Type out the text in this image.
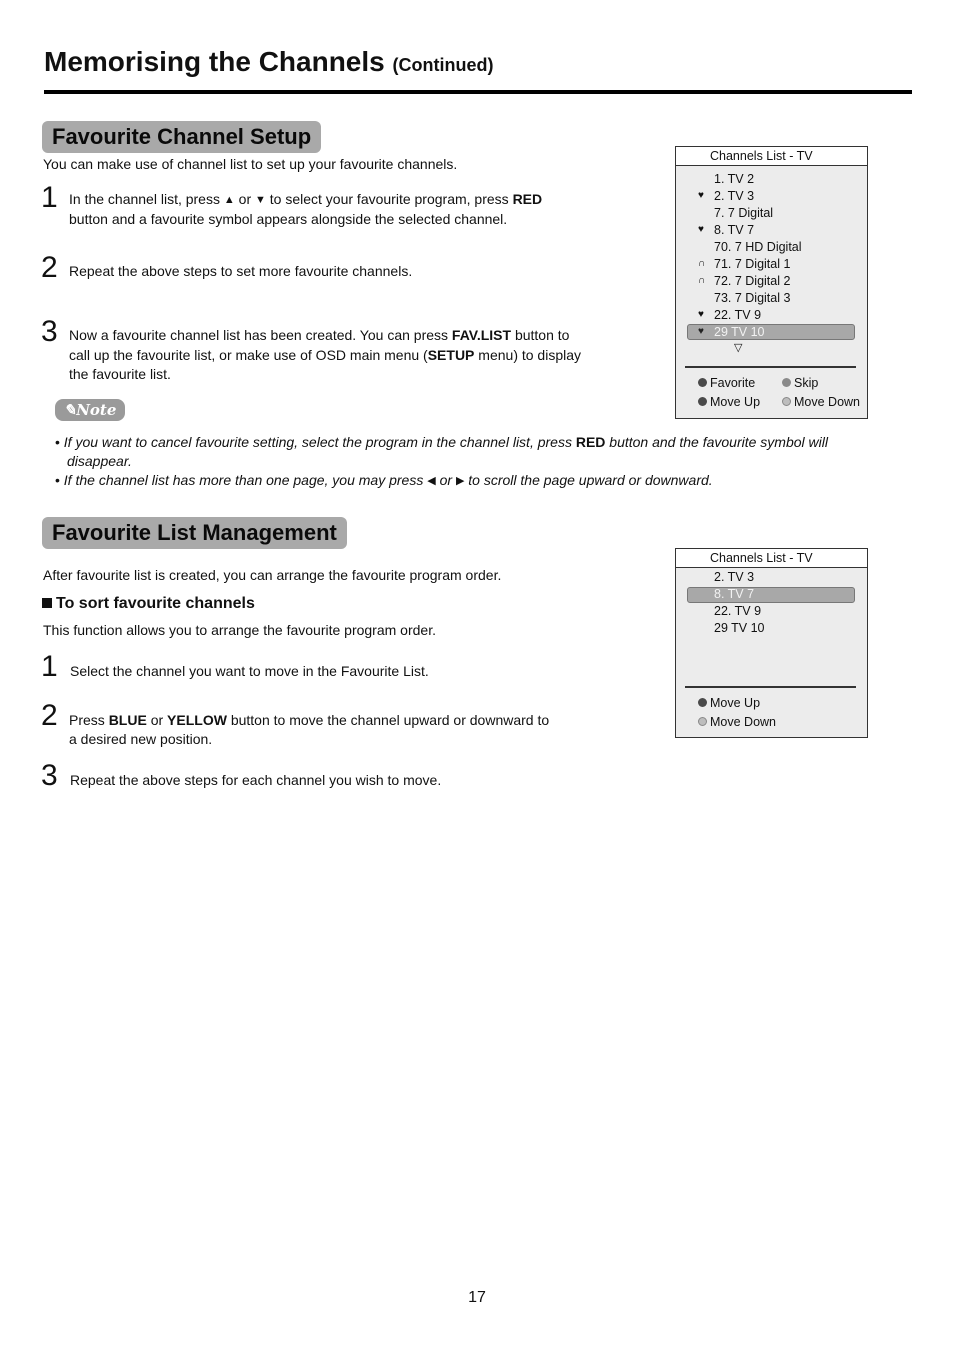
Memorising the Channels (Continued)
Favourite Channel Setup
You can make use of channel list to set up your favourite channels.
1 In the channel list, press ▲ or ▼ to select your favourite program, press RED
button and a favourite symbol appears alongside the selected channel.
2 Repeat the above steps to set more favourite channels.
3 Now a favourite channel list has been created. You can press FAV.LIST button to
call up the favourite list, or make use of OSD main menu (SETUP menu) to display
the favourite list.
✎Note
• If you want to cancel favourite setting, select the program in the channel list, press RED button and the favourite symbol will
disappear.
• If the channel list has more than one page, you may press ◀ or ▶ to scroll the page upward or downward.
Channels List - TV
1. TV 2
♥ 2. TV 3
7. 7 Digital
♥ 8. TV 7
70. 7 HD Digital
∩ 71. 7 Digital 1
∩ 72. 7 Digital 2
73. 7 Digital 3
♥ 22. TV 9
♥ 29 TV 10
▽
Favorite	Skip
Move Up	Move Down
Favourite List Management
After favourite list is created, you can arrange the favourite program order.
To sort favourite channels
This function allows you to arrange the favourite program order.
1 Select the channel you want to move in the Favourite List.
2 Press BLUE or YELLOW button to move the channel upward or downward to
a desired new position.
3 Repeat the above steps for each channel you wish to move.
Channels List - TV
2. TV 3
8. TV 7
22. TV 9
29 TV 10
Move Up
Move Down
17
